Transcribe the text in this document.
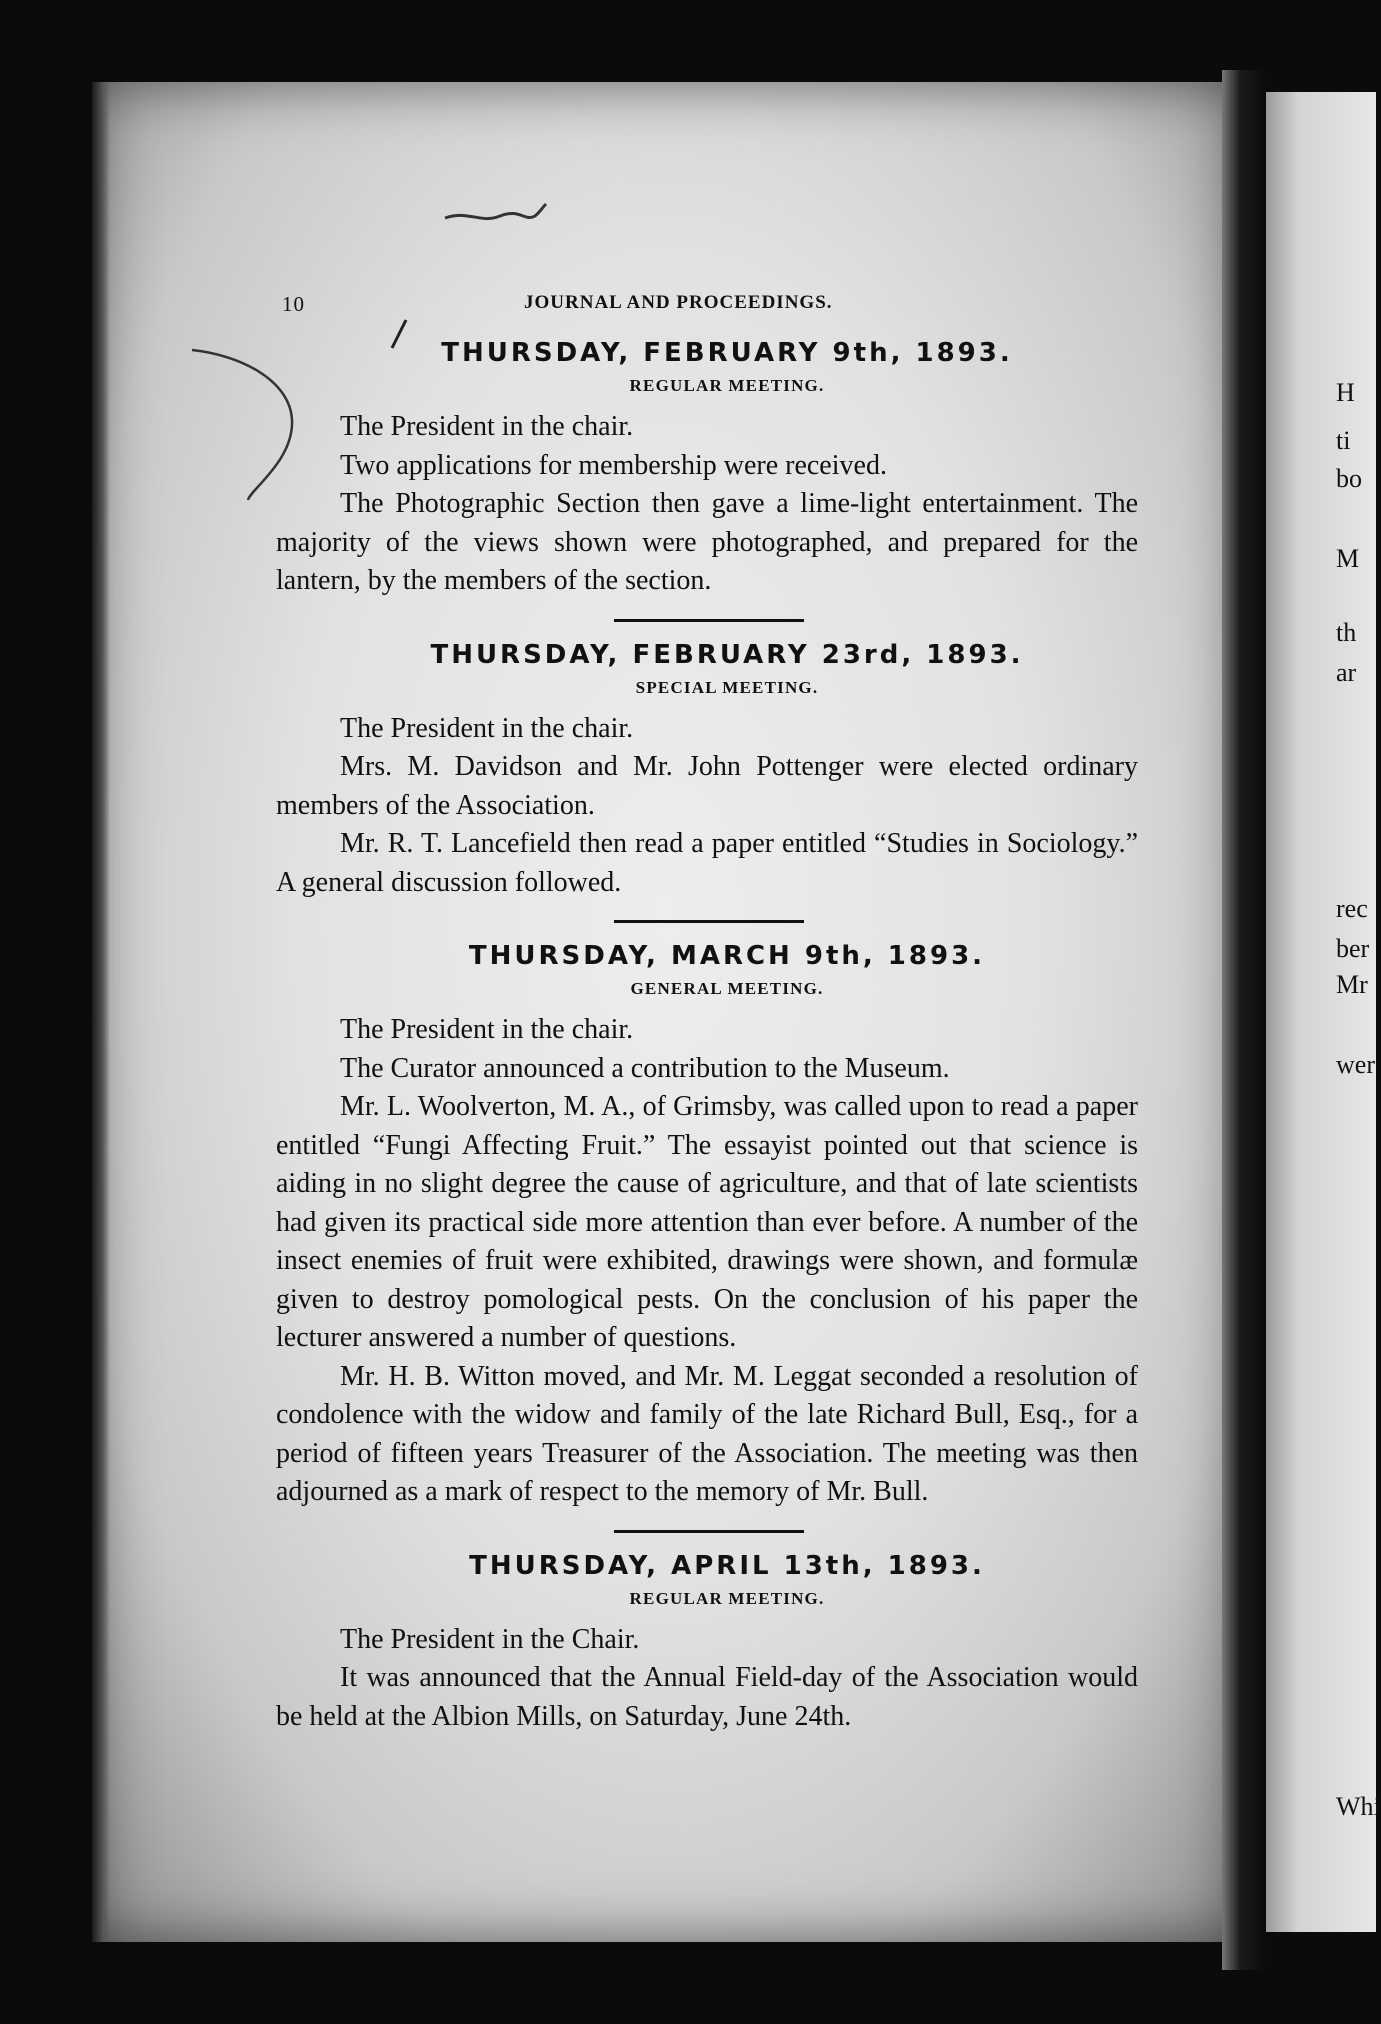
H
ti
bo
M
th
ar
rec
ber
Mr
wer
Whi
10	JOURNAL AND PROCEEDINGS.
THURSDAY, FEBRUARY 9th, 1893.
REGULAR MEETING.

The President in the chair.

Two applications for membership were received.

The Photographic Section then gave a lime-light entertainment. The majority of the views shown were photographed, and prepared for the lantern, by the members of the section.

THURSDAY, FEBRUARY 23rd, 1893.
SPECIAL MEETING.

The President in the chair.

Mrs. M. Davidson and Mr. John Pottenger were elected ordinary members of the Association.

Mr. R. T. Lancefield then read a paper entitled “Studies in Sociology.” A general discussion followed.

THURSDAY, MARCH 9th, 1893.
GENERAL MEETING.

The President in the chair.

The Curator announced a contribution to the Museum.

Mr. L. Woolverton, M. A., of Grimsby, was called upon to read a paper entitled “Fungi Affecting Fruit.” The essayist pointed out that science is aiding in no slight degree the cause of agriculture, and that of late scientists had given its practical side more attention than ever before. A number of the insect enemies of fruit were exhibited, drawings were shown, and formulæ given to destroy pomological pests. On the conclusion of his paper the lecturer answered a number of questions.

Mr. H. B. Witton moved, and Mr. M. Leggat seconded a resolution of condolence with the widow and family of the late Richard Bull, Esq., for a period of fifteen years Treasurer of the Association. The meeting was then adjourned as a mark of respect to the memory of Mr. Bull.

THURSDAY, APRIL 13th, 1893.
REGULAR MEETING.

The President in the Chair.

It was announced that the Annual Field-day of the Association would be held at the Albion Mills, on Saturday, June 24th.
